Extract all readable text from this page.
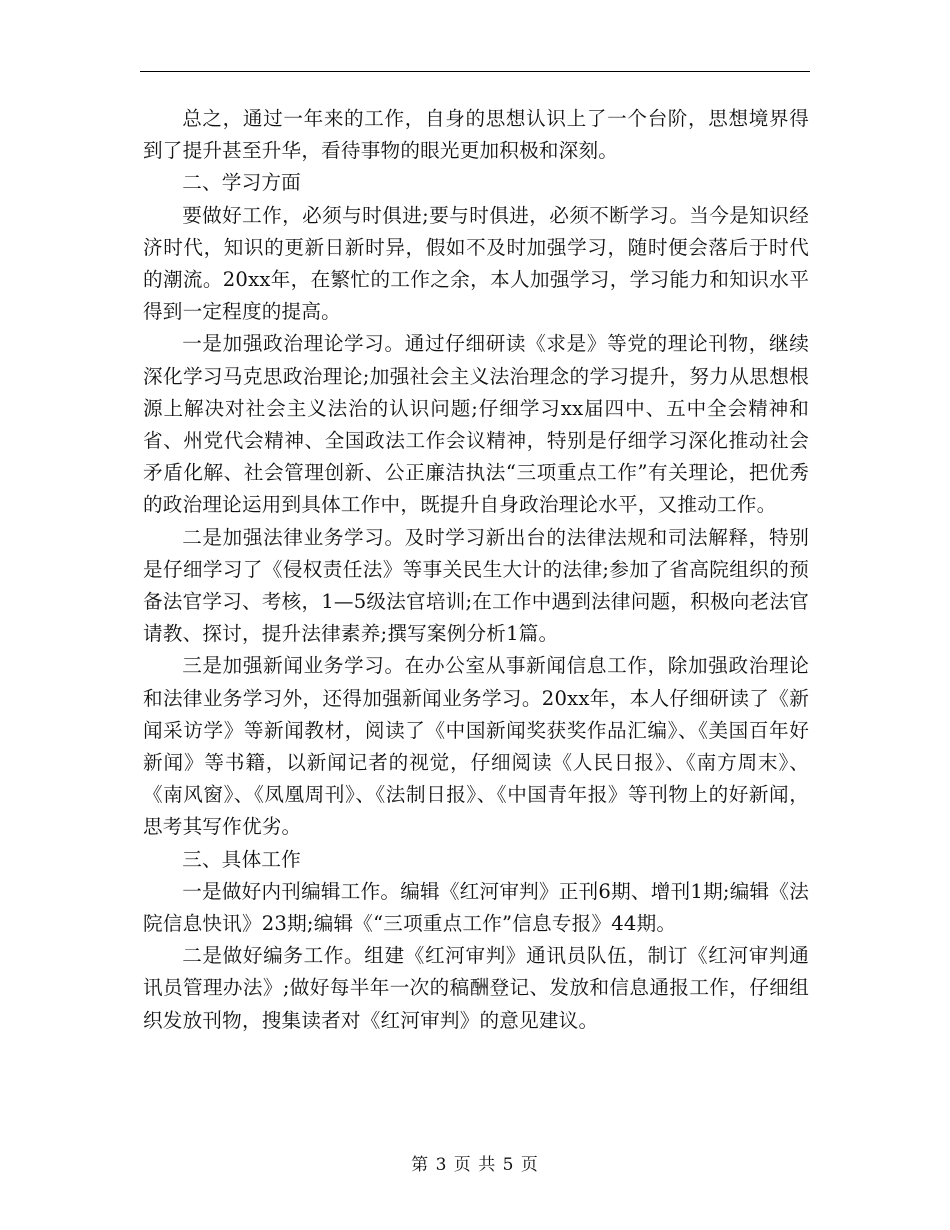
总之，通过一年来的工作，自身的思想认识上了一个台阶，思想境界得到了提升甚至升华，看待事物的眼光更加积极和深刻。

二、学习方面

要做好工作，必须与时俱进;要与时俱进，必须不断学习。当今是知识经济时代，知识的更新日新时异，假如不及时加强学习，随时便会落后于时代的潮流。20xx年，在繁忙的工作之余，本人加强学习，学习能力和知识水平得到一定程度的提高。

一是加强政治理论学习。通过仔细研读《求是》等党的理论刊物，继续深化学习马克思政治理论;加强社会主义法治理念的学习提升，努力从思想根源上解决对社会主义法治的认识问题;仔细学习xx届四中、五中全会精神和省、州党代会精神、全国政法工作会议精神，特别是仔细学习深化推动社会矛盾化解、社会管理创新、公正廉洁执法“三项重点工作”有关理论，把优秀的政治理论运用到具体工作中，既提升自身政治理论水平，又推动工作。

二是加强法律业务学习。及时学习新出台的法律法规和司法解释，特别是仔细学习了《侵权责任法》等事关民生大计的法律;参加了省高院组织的预备法官学习、考核，1—5级法官培训;在工作中遇到法律问题，积极向老法官请教、探讨，提升法律素养;撰写案例分析1篇。

三是加强新闻业务学习。在办公室从事新闻信息工作，除加强政治理论和法律业务学习外，还得加强新闻业务学习。20xx年，本人仔细研读了《新闻采访学》等新闻教材，阅读了《中国新闻奖获奖作品汇编》、《美国百年好新闻》等书籍，以新闻记者的视觉，仔细阅读《人民日报》、《南方周末》、《南风窗》、《凤凰周刊》、《法制日报》、《中国青年报》等刊物上的好新闻，思考其写作优劣。

三、具体工作

一是做好内刊编辑工作。编辑《红河审判》正刊6期、增刊1期;编辑《法院信息快讯》23期;编辑《“三项重点工作”信息专报》44期。

二是做好编务工作。组建《红河审判》通讯员队伍，制订《红河审判通讯员管理办法》;做好每半年一次的稿酬登记、发放和信息通报工作，仔细组织发放刊物，搜集读者对《红河审判》的意见建议。

第 3 页 共 5 页
